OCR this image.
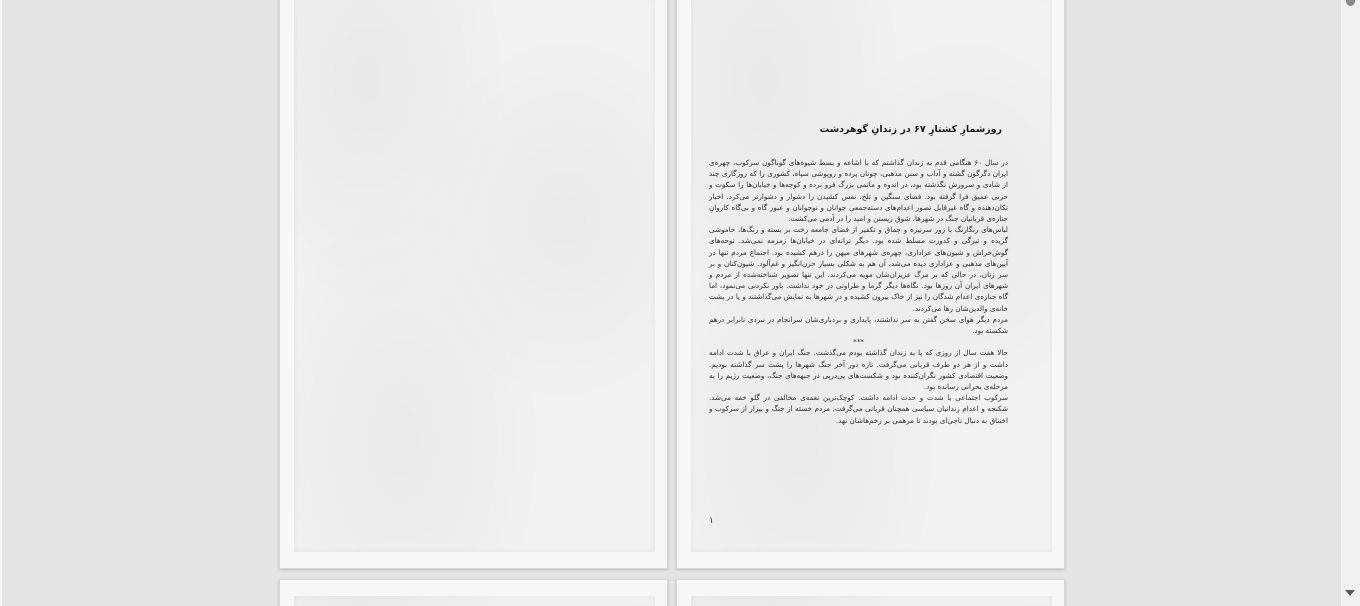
روزشمارِ کشتارِ ۶۷ در زندانِ گوهردشت

در سال ۶۰ هنگامی قدم به زندان گذاشتم که با اشاعه و بسط شیوه‌های گوناگون سرکوب، چهره‌ی ایران دگرگون گشته و آداب و سنن مذهبی، چونان پرده و روپوشی سیاه، کشوری را که روزگاری چند از شادی و سرورش نگذشته بود، در اندوه و ماتمی بزرگ فرو برده و کوچه‌ها و خیابان‌ها را سکوت و حزنی عمیق فرا گرفته بود. فضای سنگین و تلخ، نفس کشیدن را دشوار و دشوارتر می‌کرد. اخبار تکان‌دهنده و گاه غیرقابل تصور اعدام‌های دسته‌جمعی جوانان و نوجوانان و عبور گاه و بی‌گاه کاروانِ جنازه‌ی قربانیان جنگ در شهرها، شوق زیستن و امید را در آدمی می‌کشت.

لباس‌های رنگارنگ با زور سرنیزه و چماق و تکفیر از فضای جامعه رخت بر بسته و رنگ‌ها، خاموشی گزیده و تیرگی و کدورت مسلط شده بود. دیگر ترانه‌ای در خیابان‌ها زمزمه نمی‌شد. نوحه‌های گوش‌خراش و شیون‌های عزاداری، چهره‌ی شهرهای میهن را درهم کشیده بود. اجتماع مردم تنها در آیین‌های مذهبی و عزاداری دیده می‌شد، آن هم به شکلی بسیار حزن‌انگیز و غم‌آلود. شیون‌کنان و بر سر زنان، در حالی که بر مرگ عزیزان‌شان مویه می‌کردند. این تنها تصویر شناخته‌شده از مردم و شهرهای ایران آن روزها بود. نگاه‌ها دیگر گرما و طراوتی در خود نداشت. باور نکردنی می‌نمود، اما گاه جنازه‌ی اعدام شدگان را نیز از خاک بیرون کشیده و در شهرها به نمایش می‌گذاشتند و یا در پشت خانه‌ی والدین‌شان رها می‌کردند.

مردم دیگر هوای سخن گفتن به سر نداشتند، پایداری و بردباری‌شان سرانجام در نبردی نابرابر درهم شکسته بود.

***

حالا هفت سال از روزی که پا به زندان گذاشته بودم می‌گذشت. جنگ ایران و عراق با شدت ادامه داشت و از هر دو طرف قربانی می‌گرفت. تازه دور آخر جنگ شهرها را پشت سر گذاشته بودیم. وضعیت اقتصادی کشور نگران‌کننده بود و شکست‌های پی‌درپی در جبهه‌های جنگ، وضعیت رژیم را به مرحله‌ی بحرانی رسانده بود.

سرکوب اجتماعی با شدت و حدت ادامه داشت. کوچک‌ترین نغمه‌ی مخالفی در گلو خفه می‌شد. شکنجه و اعدام زندانیان سیاسی همچنان قربانی می‌گرفت. مردم خسته از جنگ و بیزار از سرکوب و اختناق به دنبال ناجی‌ای بودند تا مرهمی بر زخم‌هاشان نهد.

۱
